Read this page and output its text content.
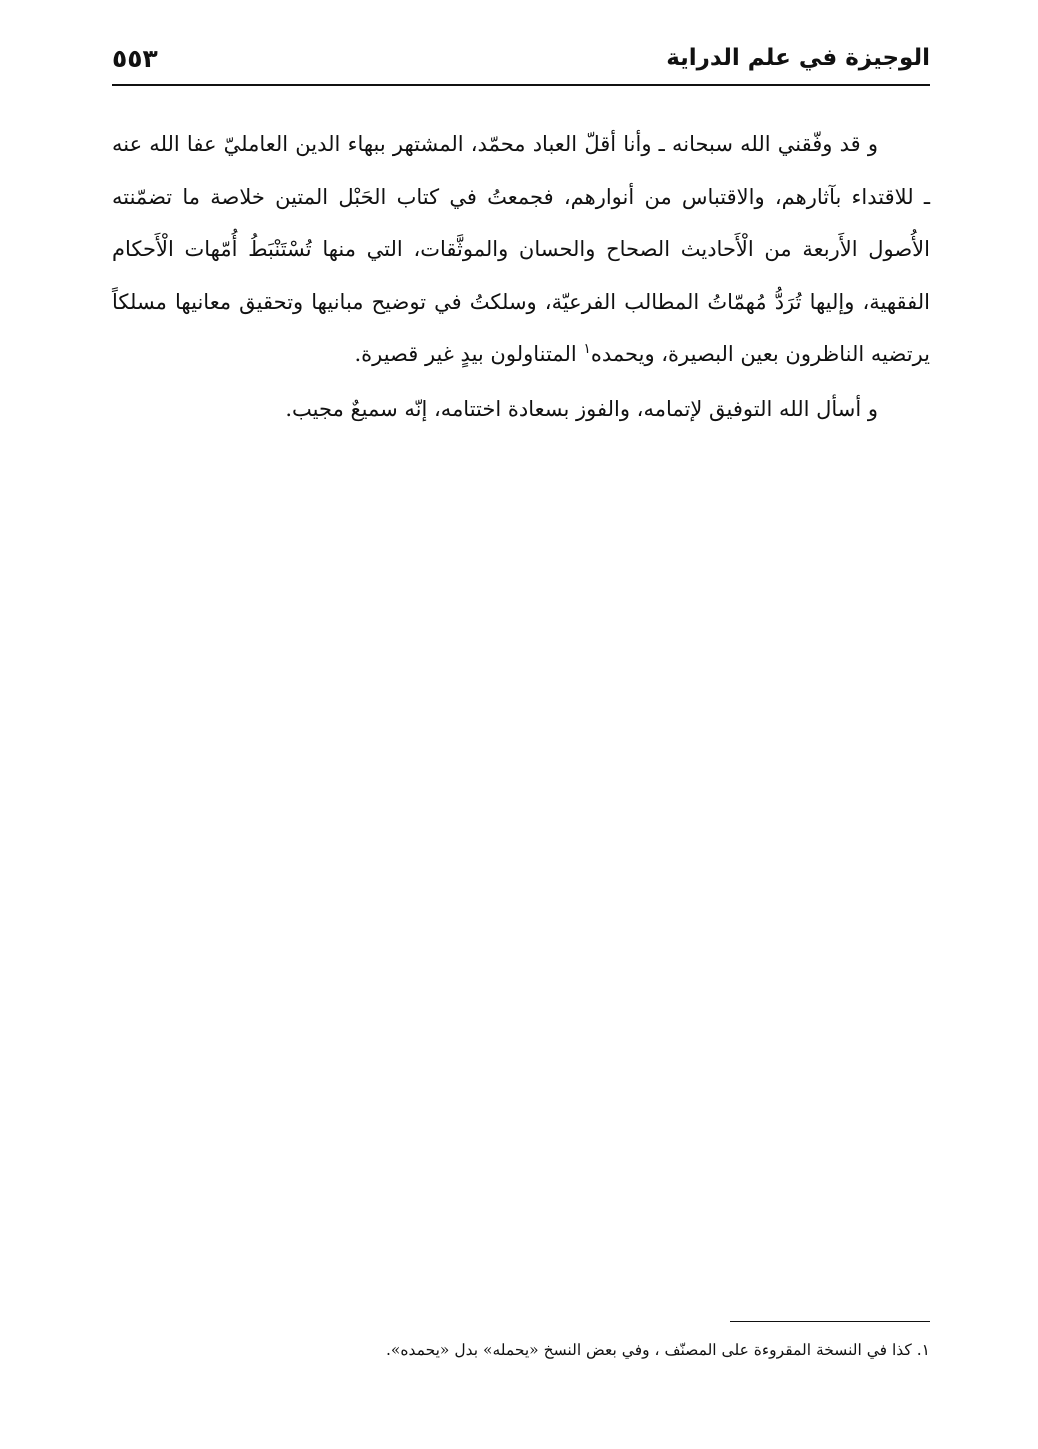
٥٥٣	الوجيزة في علم الدراية

و قد وفّقني الله سبحانه ـ وأنا أقلّ العباد محمّد، المشتهر ببهاء الدين العامليّ عفا الله عنه ـ للاقتداء بآثارهم، والاقتباس من أنوارهم، فجمعتُ في كتاب الحَبْل المتين خلاصة ما تضمّنته الأُصول الأَربعة من الْأَحاديث الصحاح والحسان والموثَّقات، التي منها تُسْتَنْبَطُ أُمّهات الْأَحكام الفقهية، وإليها تُرَدُّ مُهمّاتُ المطالب الفرعيّة، وسلكتُ في توضيح مبانيها وتحقيق معانيها مسلكاً يرتضيه الناظرون بعين البصيرة، ويحمده$^١$ المتناولون بيدٍ غير قصيرة.

و أسأل الله التوفيق لإتمامه، والفوز بسعادة اختتامه، إنّه سميعٌ مجيب.

١. كذا في النسخة المقروءة على المصنّف ، وفي بعض النسخ «يحمله» بدل «يحمده».
